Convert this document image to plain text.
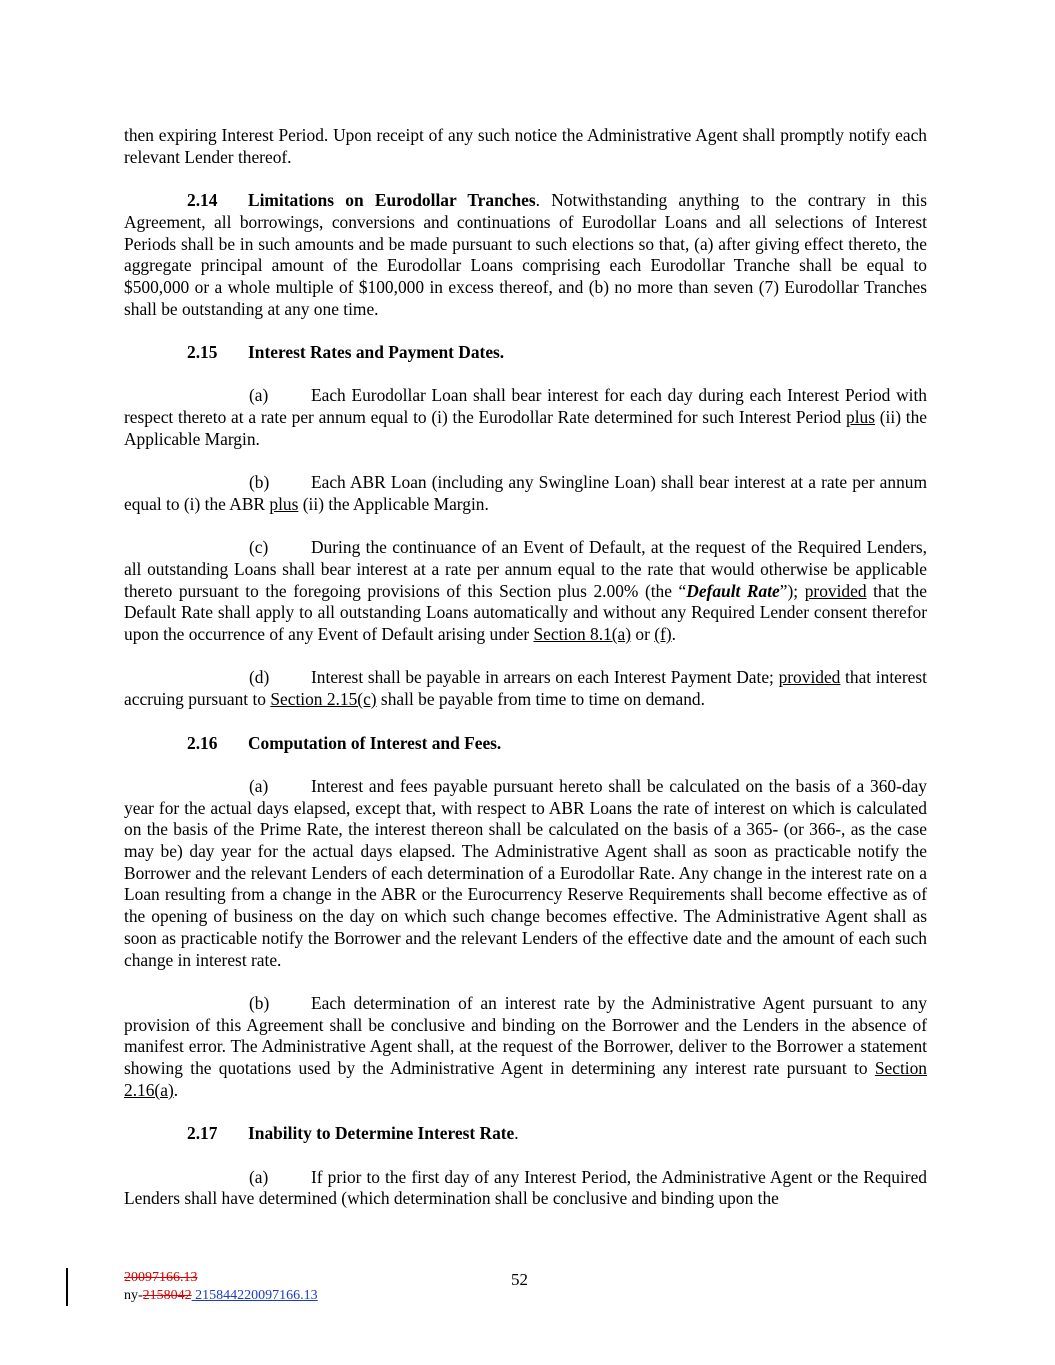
then expiring Interest Period. Upon receipt of any such notice the Administrative Agent shall promptly notify each relevant Lender thereof.

2.14 Limitations on Eurodollar Tranches. Notwithstanding anything to the contrary in this Agreement, all borrowings, conversions and continuations of Eurodollar Loans and all selections of Interest Periods shall be in such amounts and be made pursuant to such elections so that, (a) after giving effect thereto, the aggregate principal amount of the Eurodollar Loans comprising each Eurodollar Tranche shall be equal to $500,000 or a whole multiple of $100,000 in excess thereof, and (b) no more than seven (7) Eurodollar Tranches shall be outstanding at any one time.

2.15 Interest Rates and Payment Dates.

(a) Each Eurodollar Loan shall bear interest for each day during each Interest Period with respect thereto at a rate per annum equal to (i) the Eurodollar Rate determined for such Interest Period plus (ii) the Applicable Margin.

(b) Each ABR Loan (including any Swingline Loan) shall bear interest at a rate per annum equal to (i) the ABR plus (ii) the Applicable Margin.

(c) During the continuance of an Event of Default, at the request of the Required Lenders, all outstanding Loans shall bear interest at a rate per annum equal to the rate that would otherwise be applicable thereto pursuant to the foregoing provisions of this Section plus 2.00% (the “Default Rate”); provided that the Default Rate shall apply to all outstanding Loans automatically and without any Required Lender consent therefor upon the occurrence of any Event of Default arising under Section 8.1(a) or (f).

(d) Interest shall be payable in arrears on each Interest Payment Date; provided that interest accruing pursuant to Section 2.15(c) shall be payable from time to time on demand.

2.16 Computation of Interest and Fees.

(a) Interest and fees payable pursuant hereto shall be calculated on the basis of a 360-day year for the actual days elapsed, except that, with respect to ABR Loans the rate of interest on which is calculated on the basis of the Prime Rate, the interest thereon shall be calculated on the basis of a 365- (or 366-, as the case may be) day year for the actual days elapsed. The Administrative Agent shall as soon as practicable notify the Borrower and the relevant Lenders of each determination of a Eurodollar Rate. Any change in the interest rate on a Loan resulting from a change in the ABR or the Eurocurrency Reserve Requirements shall become effective as of the opening of business on the day on which such change becomes effective. The Administrative Agent shall as soon as practicable notify the Borrower and the relevant Lenders of the effective date and the amount of each such change in interest rate.

(b) Each determination of an interest rate by the Administrative Agent pursuant to any provision of this Agreement shall be conclusive and binding on the Borrower and the Lenders in the absence of manifest error. The Administrative Agent shall, at the request of the Borrower, deliver to the Borrower a statement showing the quotations used by the Administrative Agent in determining any interest rate pursuant to Section 2.16(a).

2.17 Inability to Determine Interest Rate.

(a) If prior to the first day of any Interest Period, the Administrative Agent or the Required Lenders shall have determined (which determination shall be conclusive and binding upon the

20097166.13
ny-2158042 215844220097166.13
52
